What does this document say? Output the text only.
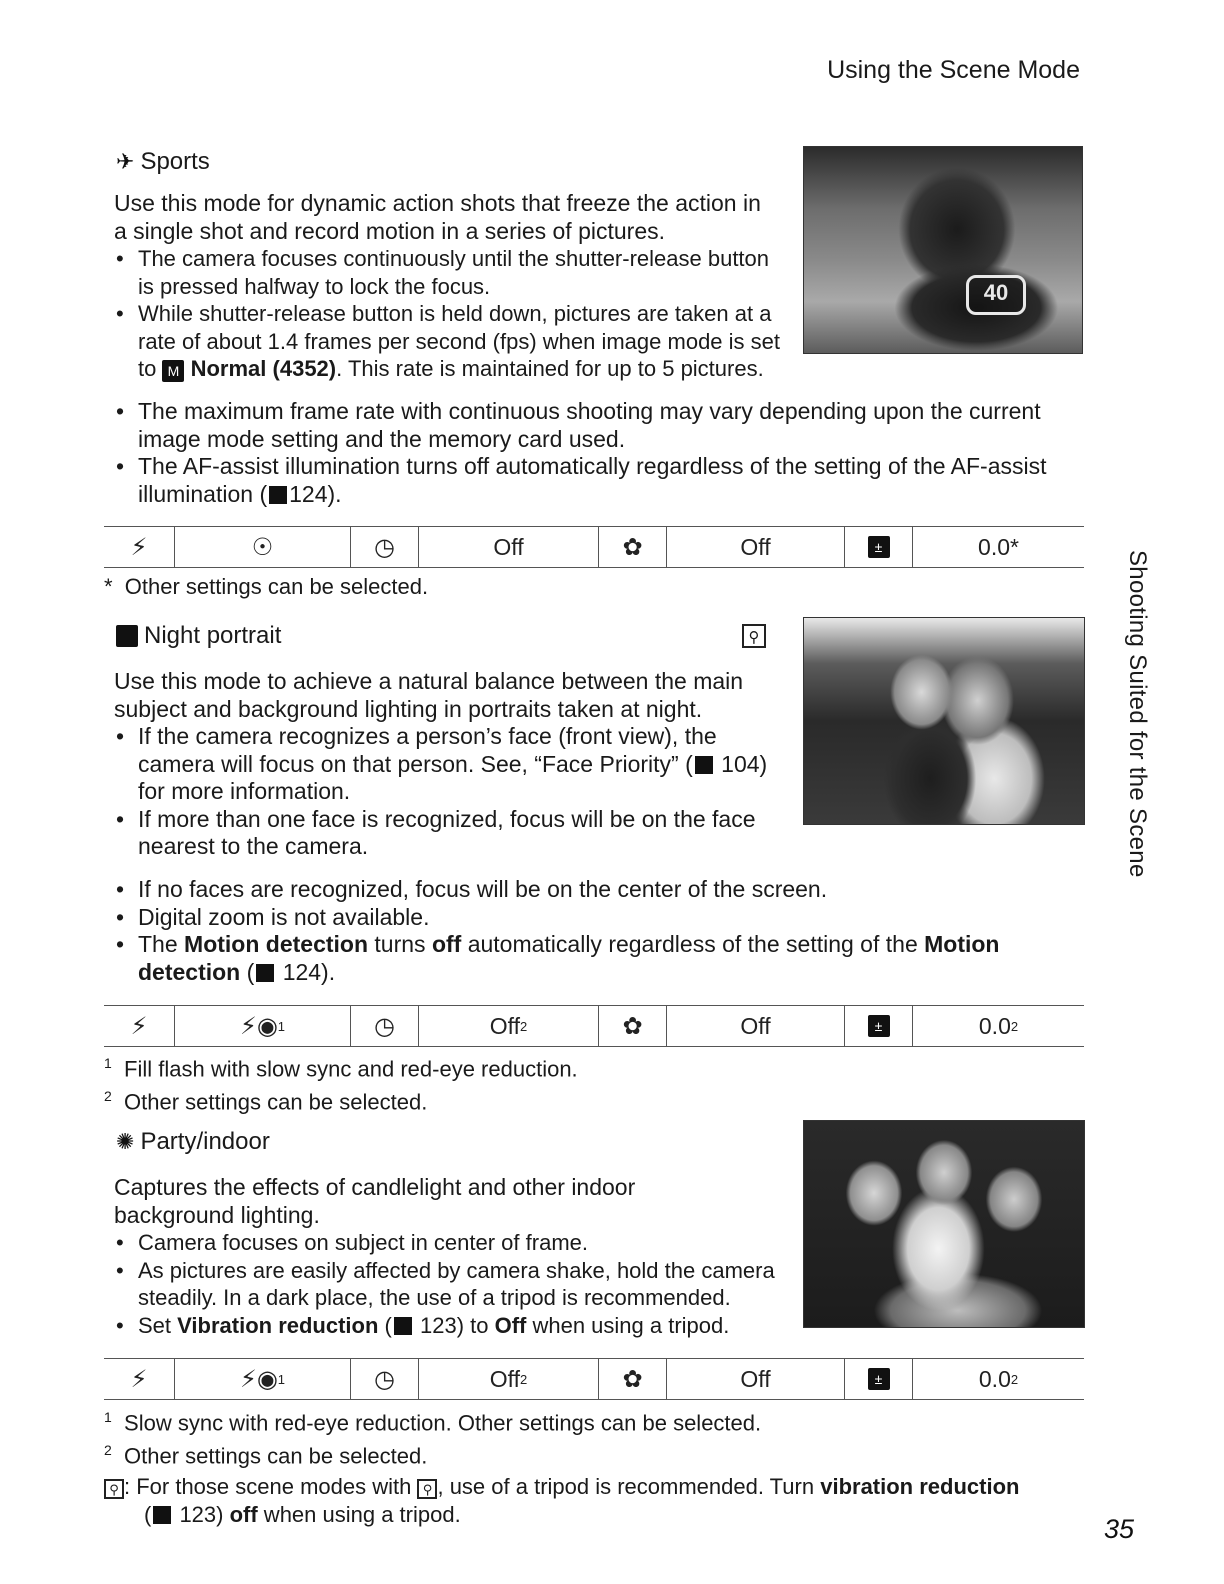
Using the Scene Mode
Shooting Suited for the Scene
✈ Sports
Use this mode for dynamic action shots that freeze the action in a single shot and record motion in a series of pictures.
• The camera focuses continuously until the shutter-release button is pressed halfway to lock the focus.
• While shutter-release button is held down, pictures are taken at a rate of about 1.4 frames per second (fps) when image mode is set to M Normal (4352). This rate is maintained for up to 5 pictures.
40
• The maximum frame rate with continuous shooting may vary depending upon the current image mode setting and the memory card used.
• The AF-assist illumination turns off automatically regardless of the setting of the AF-assist illumination ( 124).
⚡	☉	◷	Off	✿	Off	±	0.0*
*  Other settings can be selected.
Night portrait	⚲
Use this mode to achieve a natural balance between the main subject and background lighting in portraits taken at night.
• If the camera recognizes a person’s face (front view), the camera will focus on that person. See, “Face Priority” ( 104) for more information.
• If more than one face is recognized, focus will be on the face nearest to the camera.
• If no faces are recognized, focus will be on the center of the screen.
• Digital zoom is not available.
• The Motion detection turns off automatically regardless of the setting of the Motion detection ( 124).
⚡	⚡◉ 1	◷	Off 2	✿	Off	±	0.0 2
$^1$ Fill flash with slow sync and red-eye reduction.
$^2$ Other settings can be selected.
✺ Party/indoor
Captures the effects of candlelight and other indoor background lighting.
• Camera focuses on subject in center of frame.
• As pictures are easily affected by camera shake, hold the camera steadily. In a dark place, the use of a tripod is recommended.
• Set Vibration reduction ( 123) to Off when using a tripod.
⚡	⚡◉ 1	◷	Off 2	✿	Off	±	0.0 2
$^1$ Slow sync with red-eye reduction. Other settings can be selected.
$^2$ Other settings can be selected.
⚲ : For those scene modes with ⚲ , use of a tripod is recommended. Turn vibration reduction
( 123) off when using a tripod.	35
